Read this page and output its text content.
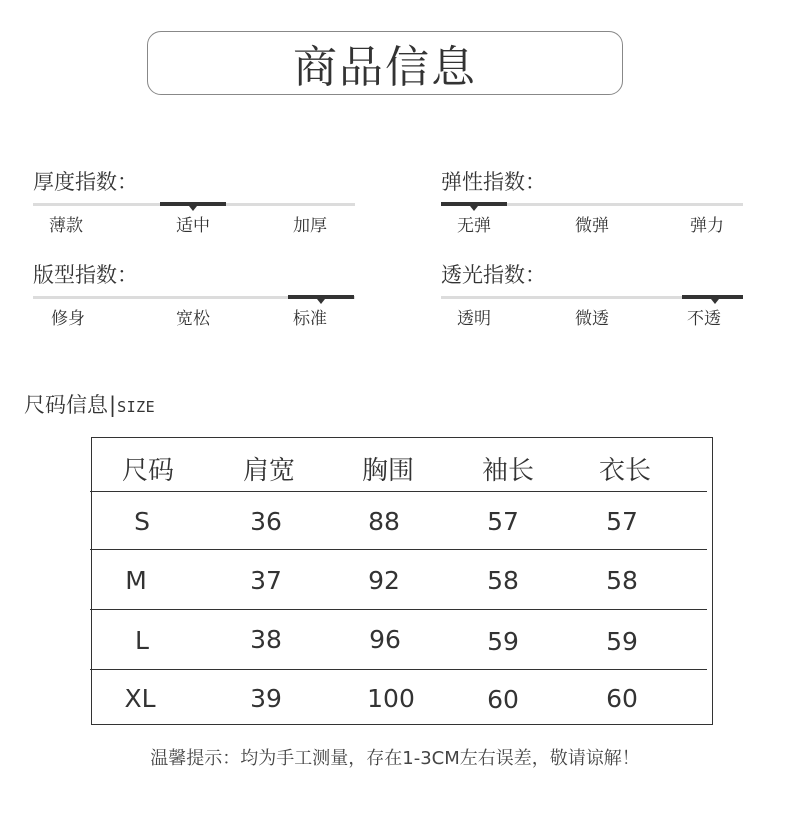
商品信息
厚度指数：
薄款	适中	加厚
弹性指数：
无弹	微弹	弹力
版型指数：
修身	宽松	标准
透光指数：
透明	微透	不透
尺码信息|SIZE
尺码	肩宽	胸围	袖长	衣长
S	36	88	57	57
M	37	92	58	58
L	38	96	59	59
XL	39	100	60	60
温馨提示：均为手工测量，存在1-3CM左右误差，敬请谅解！
